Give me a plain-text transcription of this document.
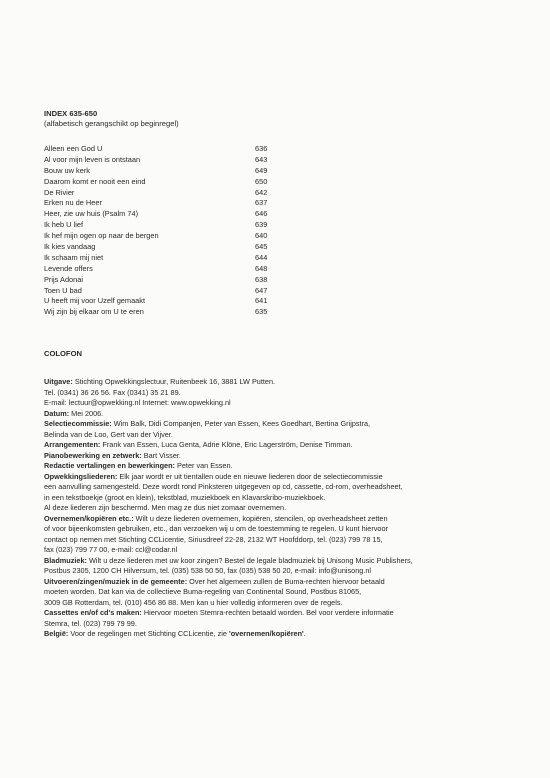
INDEX 635-650
(alfabetisch gerangschikt op beginregel)
Alleen een God U	636
Al voor mijn leven is ontstaan	643
Bouw uw kerk	649
Daarom komt er nooit een eind	650
De Rivier	642
Erken nu de Heer	637
Heer, zie uw huis (Psalm 74)	646
Ik heb U lief	639
Ik hef mijn ogen op naar de bergen	640
Ik kies vandaag	645
Ik schaam mij niet	644
Levende offers	648
Prijs Adonai	638
Toen U bad	647
U heeft mij voor Uzelf gemaakt	641
Wij zijn bij elkaar om U te eren	635
COLOFON
Uitgave: Stichting Opwekkingslectuur, Ruitenbeek 16, 3881 LW Putten.
Tel. (0341) 36 26 56. Fax (0341) 35 21 89.
E-mail: lectuur@opwekking.nl Internet: www.opwekking.nl
Datum: Mei 2006.
Selectiecommissie: Wim Balk, Didi Companjen, Peter van Essen, Kees Goedhart, Bertina Grijpstra,
Belinda van de Loo, Gert van der Vijver.
Arrangementen: Frank van Essen, Luca Genta, Adrie Klöne, Eric Lagerström, Denise Timman.
Pianobewerking en zetwerk: Bart Visser.
Redactie vertalingen en bewerkingen: Peter van Essen.
Opwekkingsliederen: Elk jaar wordt er uit tientallen oude en nieuwe liederen door de selectiecommissie
een aanvulling samengesteld. Deze wordt rond Pinksteren uitgegeven op cd, cassette, cd-rom, overheadsheet,
in een tekstboekje (groot en klein), tekstblad, muziekboek en Klavarskribo-muziekboek.
Al deze liederen zijn beschermd. Men mag ze dus niet zomaar overnemen.
Overnemen/kopiëren etc.: Wilt u deze liederen overnemen, kopiëren, stencilen, op overheadsheet zetten
of voor bijeenkomsten gebruiken, etc., dan verzoeken wij u om de toestemming te regelen. U kunt hiervoor
contact op nemen met Stichting CCLicentie, Siriusdreef 22-28, 2132 WT Hoofddorp, tel. (023) 799 78 15,
fax (023) 799 77 00, e-mail: ccl@codar.nl
Bladmuziek: Wilt u deze liederen met uw koor zingen? Bestel de legale bladmuziek bij Unisong Music Publishers,
Postbus 2305, 1200 CH Hilversum, tel. (035) 538 50 50, fax (035) 538 50 20, e-mail: info@unisong.nl
Uitvoeren/zingen/muziek in de gemeente: Over het algemeen zullen de Buma-rechten hiervoor betaald
moeten worden. Dat kan via de collectieve Buma-regeling van Continental Sound, Postbus 81065,
3009 GB Rotterdam, tel. (010) 456 86 88. Men kan u hier volledig informeren over de regels.
Cassettes en/of cd's maken: Hiervoor moeten Stemra-rechten betaald worden. Bel voor verdere informatie
Stemra, tel. (023) 799 79 99.
België: Voor de regelingen met Stichting CCLicentie, zie 'overnemen/kopiëren'.
